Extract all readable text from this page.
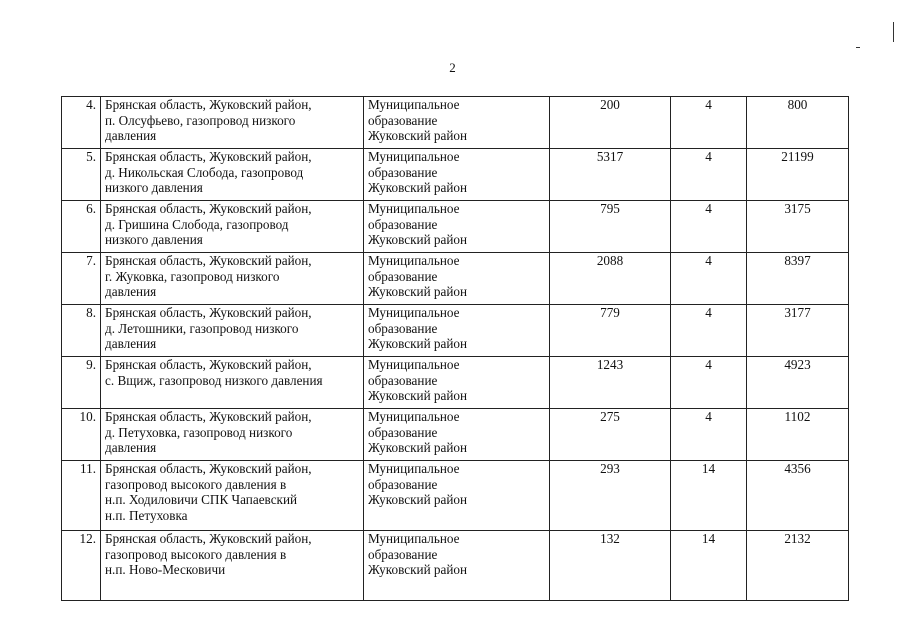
2
4.	Брянская область, Жуковский район,
п. Олсуфьево, газопровод низкого
давления	Муниципальное
образование
Жуковский район	200	4	800
5.	Брянская область, Жуковский район,
д. Никольская Слобода, газопровод
низкого давления	Муниципальное
образование
Жуковский район	5317	4	21199
6.	Брянская область, Жуковский район,
д. Гришина Слобода, газопровод
низкого давления	Муниципальное
образование
Жуковский район	795	4	3175
7.	Брянская область, Жуковский район,
г. Жуковка, газопровод низкого
давления	Муниципальное
образование
Жуковский район	2088	4	8397
8.	Брянская область, Жуковский район,
д. Летошники, газопровод низкого
давления	Муниципальное
образование
Жуковский район	779	4	3177
9.	Брянская область, Жуковский район,
с. Вщиж, газопровод низкого давления	Муниципальное
образование
Жуковский район	1243	4	4923
10.	Брянская область, Жуковский район,
д. Петуховка, газопровод низкого
давления	Муниципальное
образование
Жуковский район	275	4	1102
11.	Брянская область, Жуковский район,
газопровод высокого давления в
н.п. Ходиловичи СПК Чапаевский
н.п. Петуховка	Муниципальное
образование
Жуковский район	293	14	4356
12.	Брянская область, Жуковский район,
газопровод высокого давления в
н.п. Ново-Месковичи	Муниципальное
образование
Жуковский район	132	14	2132
